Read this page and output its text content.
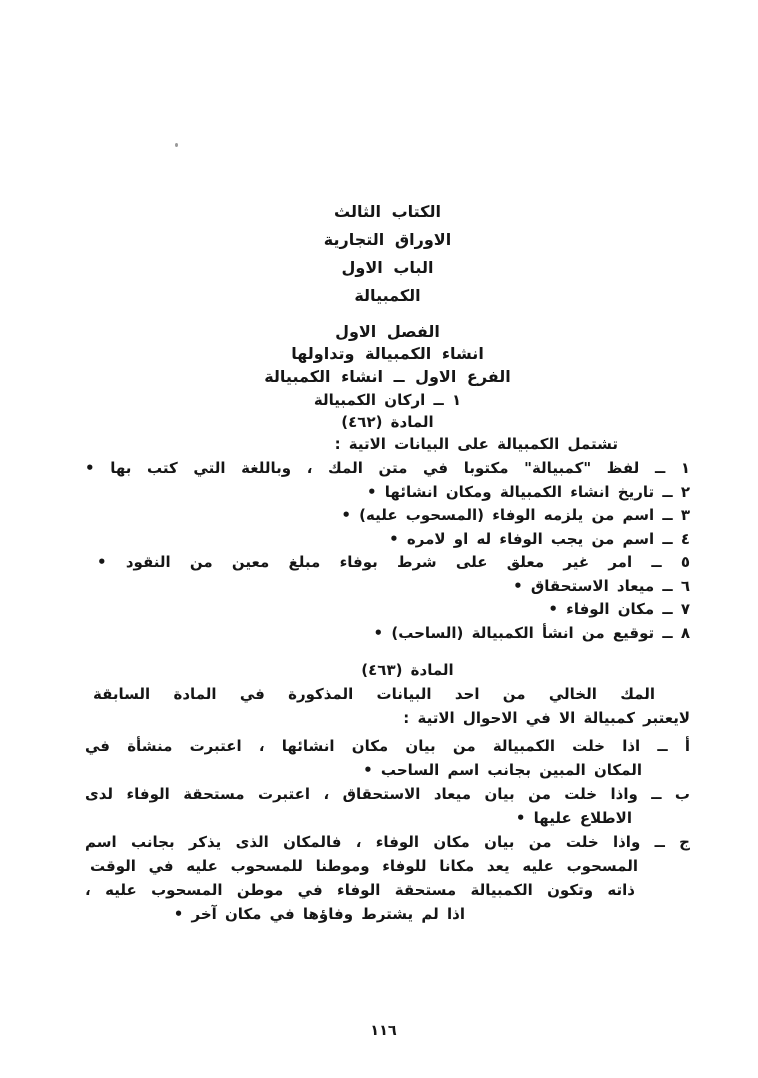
الكتاب الثالث
الاوراق التجارية
الباب الاول
الكمبيالة
الفصل الاول
انشاء الكمبيالة وتداولها
الفرع الاول ــ انشاء الكمبيالة
١ ــ اركان الكمبيالة
المادة (٤٦٢)
تشتمل الكمبيالة على البيانات الاتية :
١ ــ لفظ "كمبيالة" مكتوبا في متن المك ، وباللغة التي كتب بها •
٢ ــ تاريخ انشاء الكمبيالة ومكان انشائها •
٣ ــ اسم من يلزمه الوفاء (المسحوب عليه) •
٤ ــ اسم من يجب الوفاء له او لامره •
٥ ــ امر غير معلق على شرط بوفاء مبلغ معين من النقود •
٦ ــ ميعاد الاستحقاق •
٧ ــ مكان الوفاء •
٨ ــ توقيع من انشأ الكمبيالة (الساحب) •
المادة (٤٦٣)
المك الخالي من احد البيانات المذكورة في المادة السابقة
لايعتبر كمبيالة الا في الاحوال الاتية :
أ ــ اذا خلت الكمبيالة من بيان مكان انشائها ، اعتبرت منشأة في
المكان المبين بجانب اسم الساحب •
ب ــ واذا خلت من بيان ميعاد الاستحقاق ، اعتبرت مستحقة الوفاء لدى
الاطلاع عليها •
ج ــ واذا خلت من بيان مكان الوفاء ، فالمكان الذى يذكر بجانب اسم
المسحوب عليه يعد مكانا للوفاء وموطنا للمسحوب عليه في الوقت
ذاته وتكون الكمبيالة مستحقة الوفاء في موطن المسحوب عليه ،
اذا لم يشترط وفاؤها في مكان آخر •
١١٦
